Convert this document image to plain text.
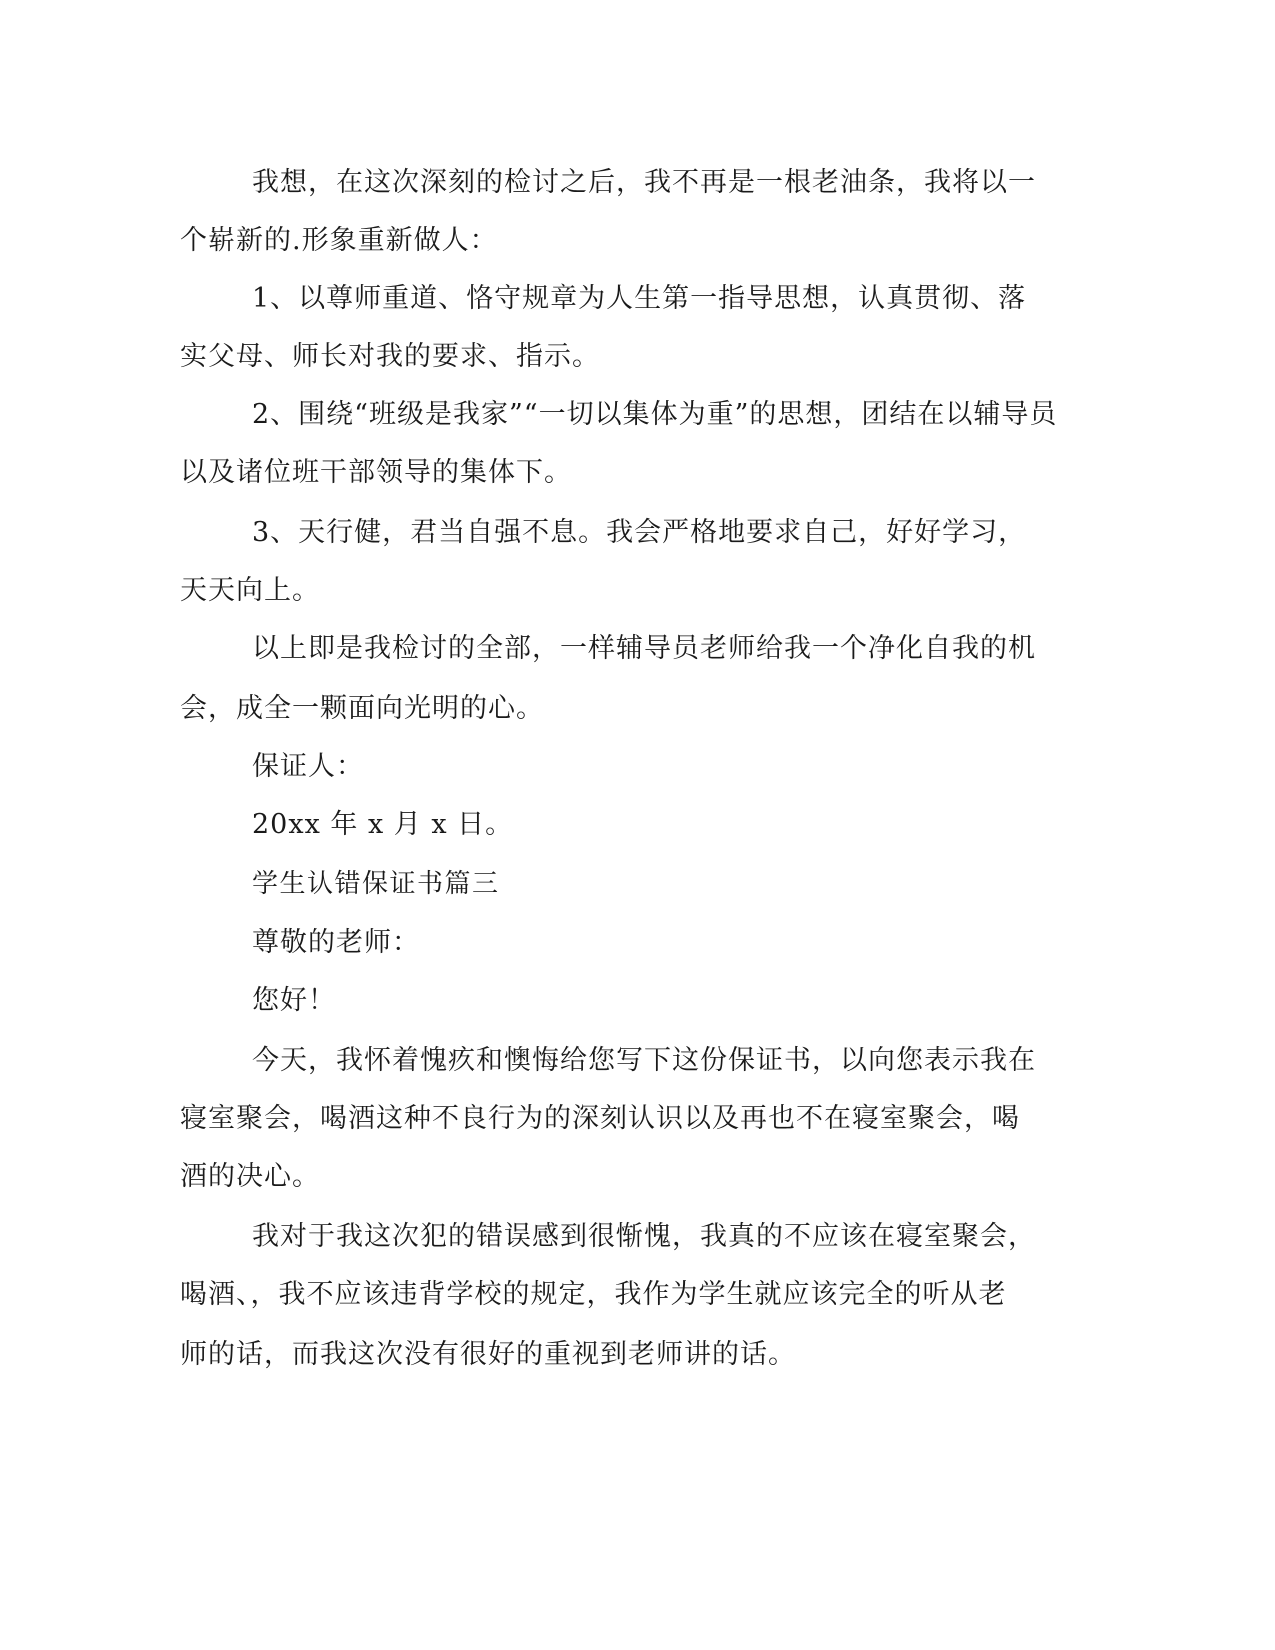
我想，在这次深刻的检讨之后，我不再是一根老油条，我将以一

个崭新的.形象重新做人：

1、以尊师重道、恪守规章为人生第一指导思想，认真贯彻、落

实父母、师长对我的要求、指示。

2、围绕“班级是我家”“一切以集体为重”的思想，团结在以辅导员

以及诸位班干部领导的集体下。

3、天行健，君当自强不息。我会严格地要求自己，好好学习，

天天向上。

以上即是我检讨的全部，一样辅导员老师给我一个净化自我的机

会，成全一颗面向光明的心。

保证人：

20xx 年 x 月 x 日。

学生认错保证书篇三

尊敬的老师：

您好！

今天，我怀着愧疚和懊悔给您写下这份保证书，以向您表示我在

寝室聚会，喝酒这种不良行为的深刻认识以及再也不在寝室聚会，喝

酒的决心。

我对于我这次犯的错误感到很惭愧，我真的不应该在寝室聚会，

喝酒、，我不应该违背学校的规定，我作为学生就应该完全的听从老

师的话，而我这次没有很好的重视到老师讲的话。
